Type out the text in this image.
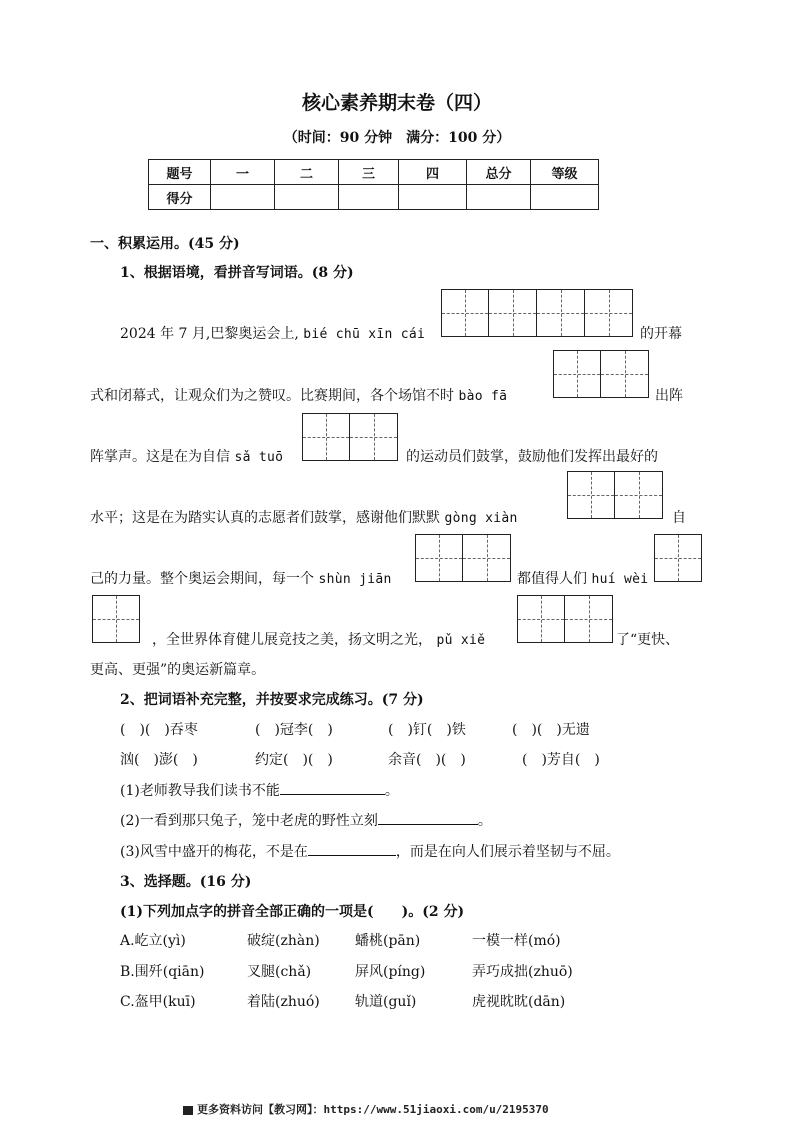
核心素养期末卷（四）
（时间：90 分钟　满分：100 分）
题号	一	二	三	四	总分	等级
得分						
一、积累运用。(45 分)
1、根据语境，看拼音写词语。(8 分)
2024 年 7 月,巴黎奥运会上, bié chū xīn cái	的开幕
式和闭幕式，让观众们为之赞叹。比赛期间，各个场馆不时 bào fā	出阵
阵掌声。这是在为自信 sǎ tuō	的运动员们鼓掌，鼓励他们发挥出最好的
水平；这是在为踏实认真的志愿者们鼓掌，感谢他们默默 gòng xiàn	自
己的力量。整个奥运会期间，每一个 shùn jiān	都值得人们 huí wèi
，全世界体育健儿展竞技之美，扬文明之光， pǔ xiě	了“更快、
更高、更强”的奥运新篇章。
2、把词语补充完整，并按要求完成练习。(7 分)
(　)(　)吞枣	(　)冠李(　)	(　)钉(　)铁	(　)(　)无遗
汹(　)澎(　)	约定(　)(　)	余音(　)(　)	(　)芳自(　)
(1)老师教导我们读书不能	。
(2)一看到那只兔子，笼中老虎的野性立刻	。
(3)风雪中盛开的梅花，不是在	，而是在向人们展示着坚韧与不屈。
3、选择题。(16 分)
(1)下列加点字的拼音全部正确的一项是(　　)。(2 分)
A.屹立(yì)	破绽(zhàn)	蟠桃(pān)	一模一样(mó)
B.围歼(qiān)	叉腿(chǎ)	屏风(píng)	弄巧成拙(zhuō)
C.盔甲(kuī)	着陆(zhuó)	轨道(guǐ)	虎视眈眈(dān)
更多资料访问【教习网】：https://www.51jiaoxi.com/u/2195370
